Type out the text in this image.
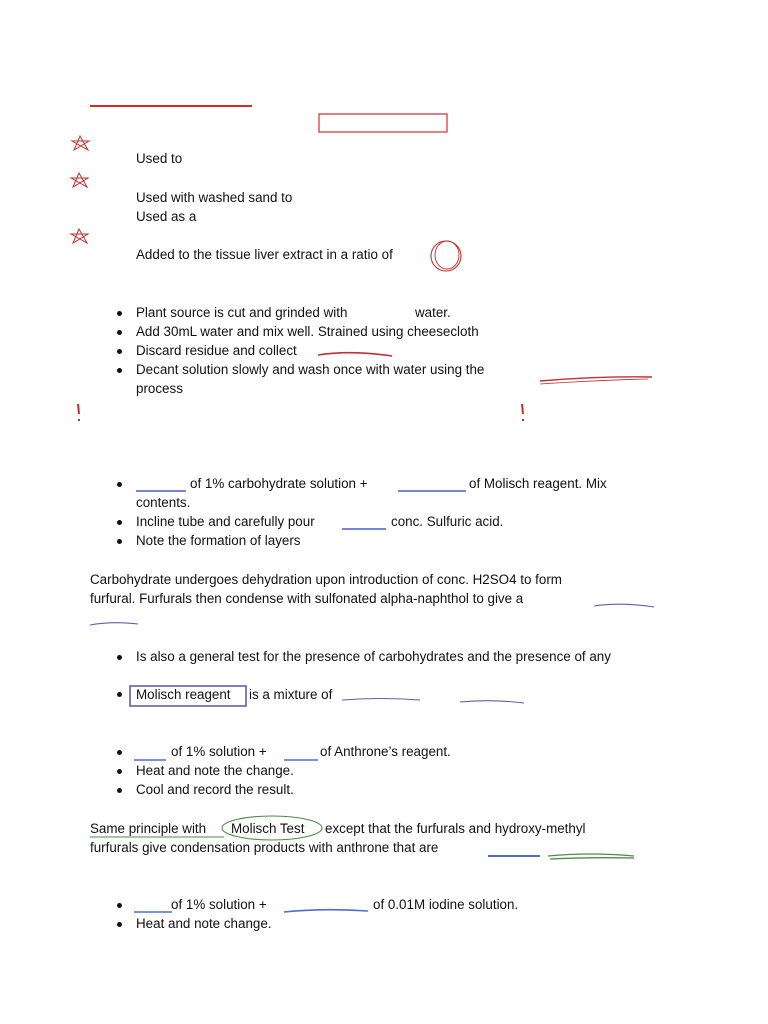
Used to
Used with washed sand to
Used as a
Added to the tissue liver extract in a ratio of
Plant source is cut and grinded with	water.
Add 30mL water and mix well. Strained using cheesecloth
Discard residue and collect
Decant solution slowly and wash once with water using the
process
of 1% carbohydrate solution +	of Molisch reagent. Mix
contents.
Incline tube and carefully pour	conc. Sulfuric acid.
Note the formation of layers
Carbohydrate undergoes dehydration upon introduction of conc. H2SO4 to form
furfural. Furfurals then condense with sulfonated alpha-naphthol to give a
Is also a general test for the presence of carbohydrates and the presence of any
Molisch reagent is a mixture of
of 1% solution +	of Anthrone’s reagent.
Heat and note the change.
Cool and record the result.
Same principle with Molisch Test except that the furfurals and hydroxy-methyl
furfurals give condensation products with anthrone that are
of 1% solution +	of 0.01M iodine solution.
Heat and note change.
